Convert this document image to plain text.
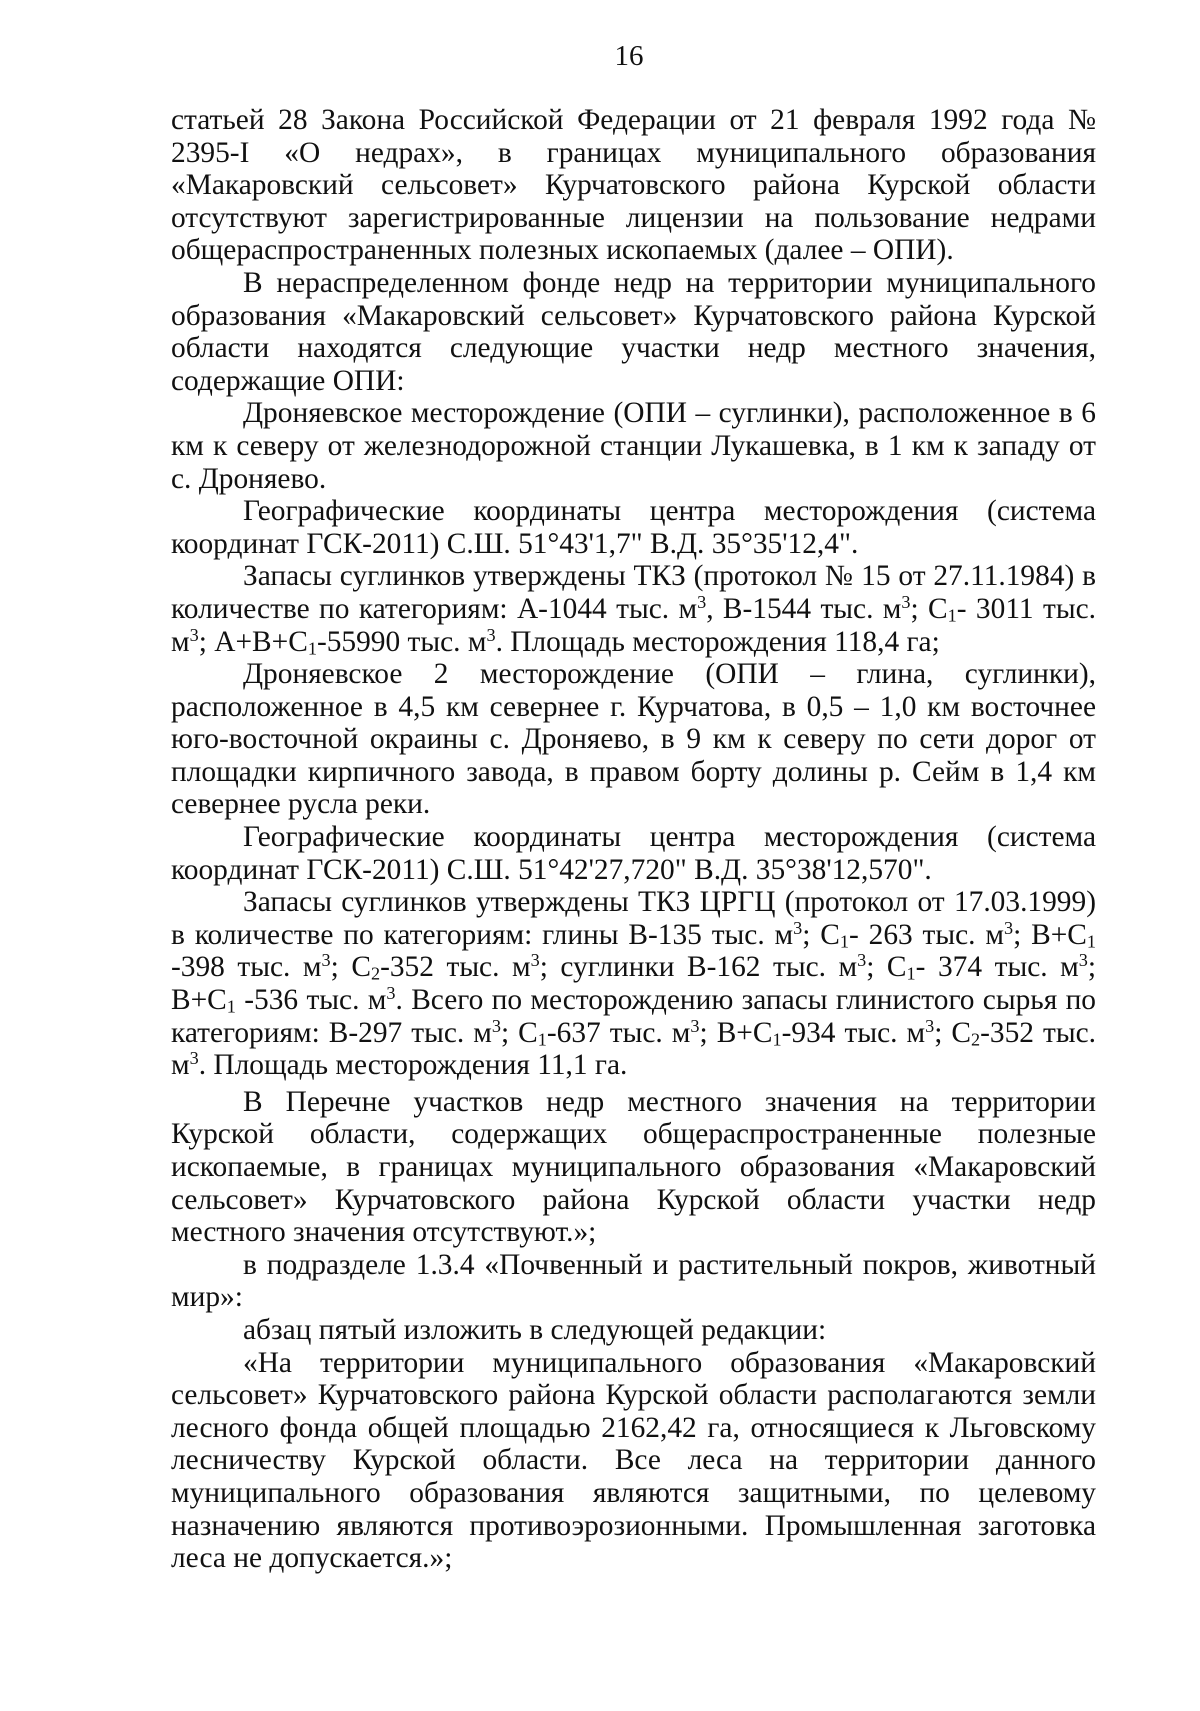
16

статьей 28 Закона Российской Федерации от 21 февраля 1992 года № 2395-I «О недрах», в границах муниципального образования «Макаровский сельсовет» Курчатовского района Курской области отсутствуют зарегистрированные лицензии на пользование недрами общераспространенных полезных ископаемых (далее – ОПИ).

В нераспределенном фонде недр на территории муниципального образования «Макаровский сельсовет» Курчатовского района Курской области находятся следующие участки недр местного значения, содержащие ОПИ:

Дроняевское месторождение (ОПИ – суглинки), расположенное в 6 км к северу от железнодорожной станции Лукашевка, в 1 км к западу от с. Дроняево.

Географические координаты центра месторождения (система координат ГСК-2011) С.Ш. 51°43'1,7" В.Д. 35°35'12,4".

Запасы суглинков утверждены ТКЗ (протокол № 15 от 27.11.1984) в количестве по категориям: А-1044 тыс. $м^3$, В-1544 тыс. $м^3$; $С_1-$ 3011 тыс. $м^3$; $А+В+С_1-55990$ тыс. $м^3$. Площадь месторождения 118,4 га;

Дроняевское 2 месторождение (ОПИ – глина, суглинки), расположенное в 4,5 км севернее г. Курчатова, в 0,5 – 1,0 км восточнее юго-восточной окраины с. Дроняево, в 9 км к северу по сети дорог от площадки кирпичного завода, в правом борту долины р. Сейм в 1,4 км севернее русла реки.

Географические координаты центра месторождения (система координат ГСК-2011) С.Ш. 51°42'27,720" В.Д. 35°38'12,570".

Запасы суглинков утверждены ТКЗ ЦРГЦ (протокол от 17.03.1999) в количестве по категориям: глины В-135 тыс. $м^3$; $С_1-$ 263 тыс. $м^3$; $В+С_1$ -398 тыс. $м^3$; $С_2-352$ тыс. $м^3$; суглинки В-162 тыс. $м^3$; $С_1-$ 374 тыс. $м^3$; $В+С_1$ -536 тыс. $м^3$. Всего по месторождению запасы глинистого сырья по категориям: В-297 тыс. $м^3$; $С_1-637$ тыс. $м^3$; $В+С_1-934$ тыс. $м^3$; $С_2-352$ тыс. $м^3$. Площадь месторождения 11,1 га.

В Перечне участков недр местного значения на территории Курской области, содержащих общераспространенные полезные ископаемые, в границах муниципального образования «Макаровский сельсовет» Курчатовского района Курской области участки недр местного значения отсутствуют.»;

в подразделе 1.3.4 «Почвенный и растительный покров, животный мир»:

абзац пятый изложить в следующей редакции:

«На территории муниципального образования «Макаровский сельсовет» Курчатовского района Курской области располагаются земли лесного фонда общей площадью 2162,42 га, относящиеся к Льговскому лесничеству Курской области. Все леса на территории данного муниципального образования являются защитными, по целевому назначению являются противоэрозионными. Промышленная заготовка леса не допускается.»;
